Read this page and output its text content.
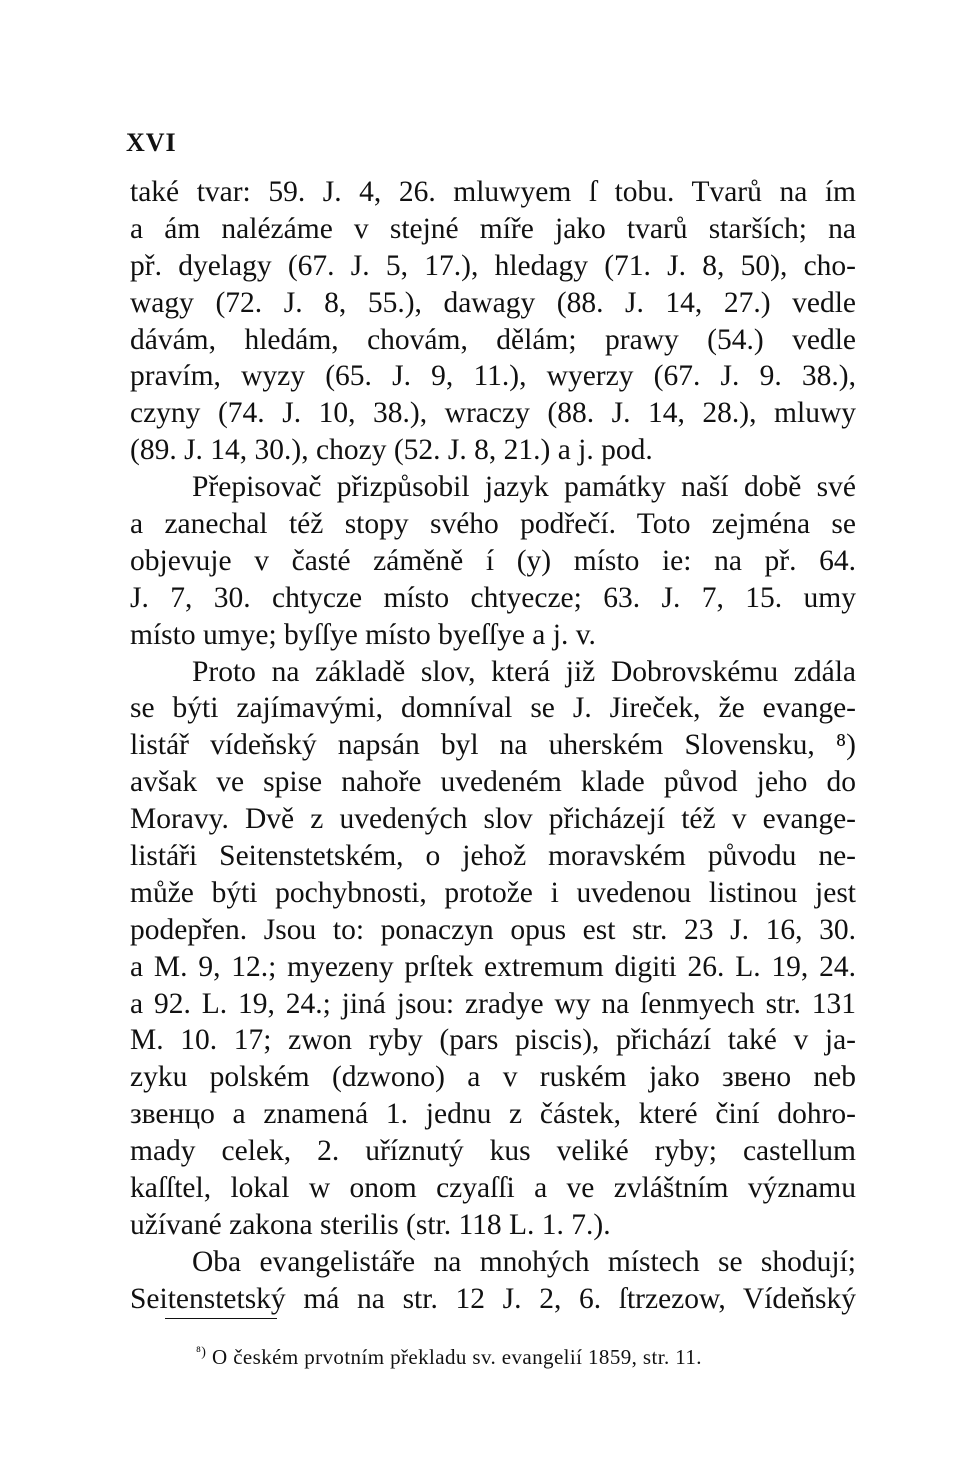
XVI
také tvar: 59. J. 4, 26. mluwyem ſ tobu. Tvarů na ím
a ám nalézáme v stejné míře jako tvarů starších; na
př. dyelagy (67. J. 5, 17.), hledagy (71. J. 8, 50), cho-
wagy (72. J. 8, 55.), dawagy (88. J. 14, 27.) vedle
dávám, hledám, chovám, dělám; prawy (54.) vedle
pravím, wyzy (65. J. 9, 11.), wyerzy (67. J. 9. 38.),
czyny (74. J. 10, 38.), wraczy (88. J. 14, 28.), mluwy
(89. J. 14, 30.), chozy (52. J. 8, 21.) a j. pod.
Přepisovač přizpůsobil jazyk památky naší době své
a zanechal též stopy svého podřečí. Toto zejména se
objevuje v časté záměně í (y) místo ie: na př. 64.
J. 7, 30. chtycze místo chtyecze; 63. J. 7, 15. umy
místo umye; byſſye místo byeſſye a j. v.
Proto na základě slov, která již Dobrovskému zdála
se býti zajímavými, domníval se J. Jireček, že evange-
listář vídeňský napsán byl na uherském Slovensku, ⁸)
avšak ve spise nahoře uvedeném klade původ jeho do
Moravy. Dvě z uvedených slov přicházejí též v evange-
listáři Seitenstetském, o jehož moravském původu ne-
může býti pochybnosti, protože i uvedenou listinou jest
podepřen. Jsou to: ponaczyn opus est str. 23 J. 16, 30.
a M. 9, 12.; myezeny prſtek extremum digiti 26. L. 19, 24.
a 92. L. 19, 24.; jiná jsou: zradye wy na ſenmyech str. 131
M. 10. 17; zwon ryby (pars piscis), přichází také v ja-
zyku polském (dzwono) a v ruském jako звено neb
звенцо a znamená 1. jednu z částek, které činí dohro-
mady celek, 2. uříznutý kus veliké ryby; castellum
kaſſtel, lokal w onom czyaſſi a ve zvláštním významu
užívané zakona sterilis (str. 118 L. 1. 7.).
Oba evangelistáře na mnohých místech se shodují;
Seitenstetský má na str. 12 J. 2, 6. ſtrzezow, Vídeňský
$^{^8)}$ O českém prvotním překladu sv. evangelií 1859, str. 11.
